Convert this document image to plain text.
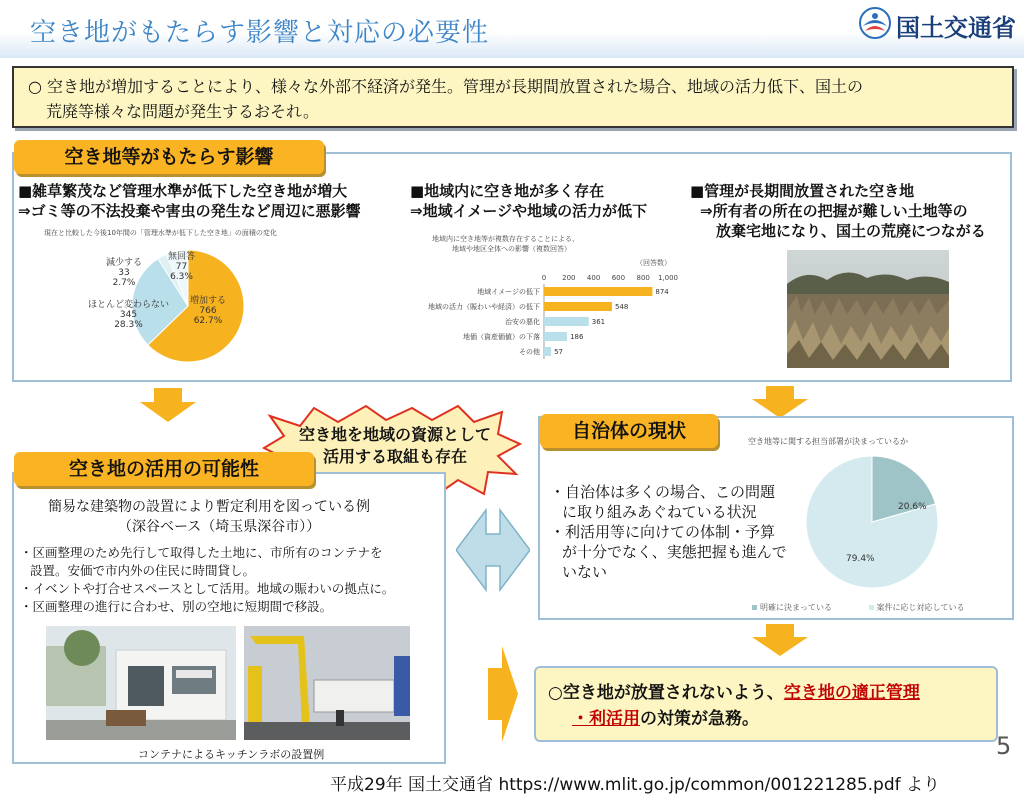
空き地がもたらす影響と対応の必要性	国土交通省
○ 空き地が増加することにより、様々な外部不経済が発生。管理が長期間放置された場合、地域の活力低下、国土の
荒廃等様々な問題が発生するおそれ。
空き地等がもたらす影響
■雑草繁茂など管理水準が低下した空き地が増大
⇒ゴミ等の不法投棄や害虫の発生など周辺に悪影響
■地域内に空き地が多く存在
⇒地域イメージや地域の活力が低下
■管理が長期間放置された空き地
⇒所有者の所在の把握が難しい土地等の
放棄宅地になり、国土の荒廃につながる
現在と比較した今後10年間の「管理水準が低下した空き地」の面積の変化
減少する
33
2.7%
無回答
77
6.3%
ほとんど変わらない
345
28.3%
増加する
766
62.7%
地域内に空き地等が複数存在することによる、
地域や地区全体への影響（複数回答）
（回答数）
0 200 400 600 800 1,000
地域イメージの低下	874
地域の活力（賑わいや経済）の低下	548
治安の悪化	361
地価（資産価値）の下落	186
その他 57
空き地を地域の資源として
活用する取組も存在
空き地の活用の可能性
簡易な建築物の設置により暫定利用を図っている例
（深谷ベース（埼玉県深谷市））
・区画整理のため先行して取得した土地に、市所有のコンテナを
設置。安価で市内外の住民に時間貸し。
・イベントや打合せスペースとして活用。地域の賑わいの拠点に。
・区画整理の進行に合わせ、別の空地に短期間で移設。
コンテナによるキッチンラボの設置例
自治体の現状
・自治体は多くの場合、この問題
に取り組みあぐねている状況
・利活用等に向けての体制・予算
が十分でなく、実態把握も進んで
いない
空き地等に関する担当部署が決まっているか
20.6%
79.4%
明確に決まっている	案件に応じ対応している
○空き地が放置されないよう、空き地の適正管理
・利活用の対策が急務。
5
平成29年 国土交通省 https://www.mlit.go.jp/common/001221285.pdf より
